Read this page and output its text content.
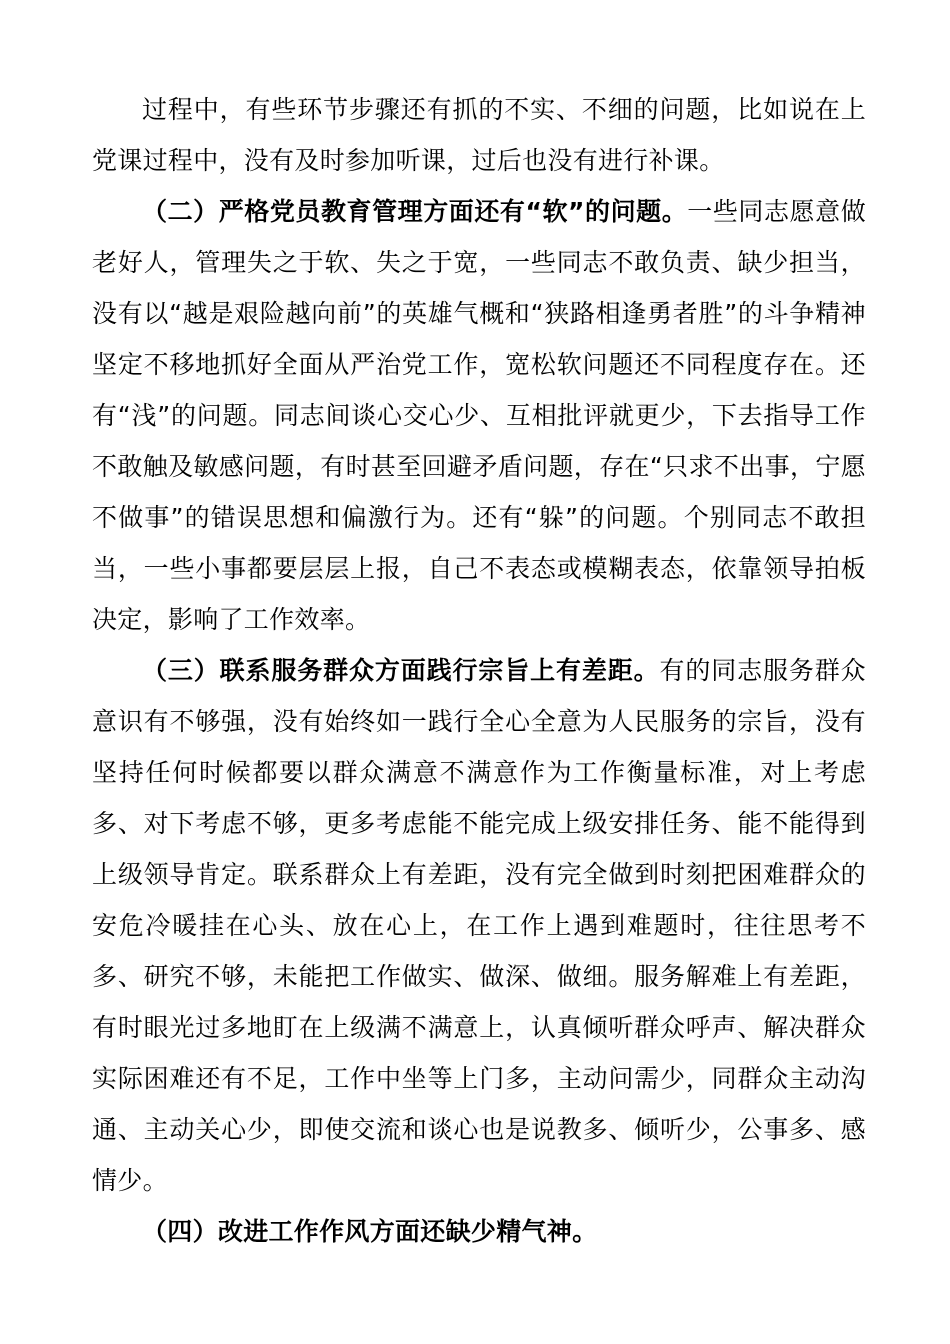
过程中，有些环节步骤还有抓的不实、不细的问题，比如说在上党课过程中，没有及时参加听课，过后也没有进行补课。

（二）严格党员教育管理方面还有“软”的问题。一些同志愿意做老好人，管理失之于软、失之于宽，一些同志不敢负责、缺少担当，没有以“越是艰险越向前”的英雄气概和“狭路相逢勇者胜”的斗争精神坚定不移地抓好全面从严治党工作，宽松软问题还不同程度存在。还有“浅”的问题。同志间谈心交心少、互相批评就更少，下去指导工作不敢触及敏感问题，有时甚至回避矛盾问题，存在“只求不出事，宁愿不做事”的错误思想和偏激行为。还有“躲”的问题。个别同志不敢担当，一些小事都要层层上报，自己不表态或模糊表态，依靠领导拍板决定，影响了工作效率。

（三）联系服务群众方面践行宗旨上有差距。有的同志服务群众意识有不够强，没有始终如一践行全心全意为人民服务的宗旨，没有坚持任何时候都要以群众满意不满意作为工作衡量标准，对上考虑多、对下考虑不够，更多考虑能不能完成上级安排任务、能不能得到上级领导肯定。联系群众上有差距，没有完全做到时刻把困难群众的安危冷暖挂在心头、放在心上，在工作上遇到难题时，往往思考不多、研究不够，未能把工作做实、做深、做细。服务解难上有差距，有时眼光过多地盯在上级满不满意上，认真倾听群众呼声、解决群众实际困难还有不足，工作中坐等上门多，主动问需少，同群众主动沟通、主动关心少，即使交流和谈心也是说教多、倾听少，公事多、感情少。

（四）改进工作作风方面还缺少精气神。
